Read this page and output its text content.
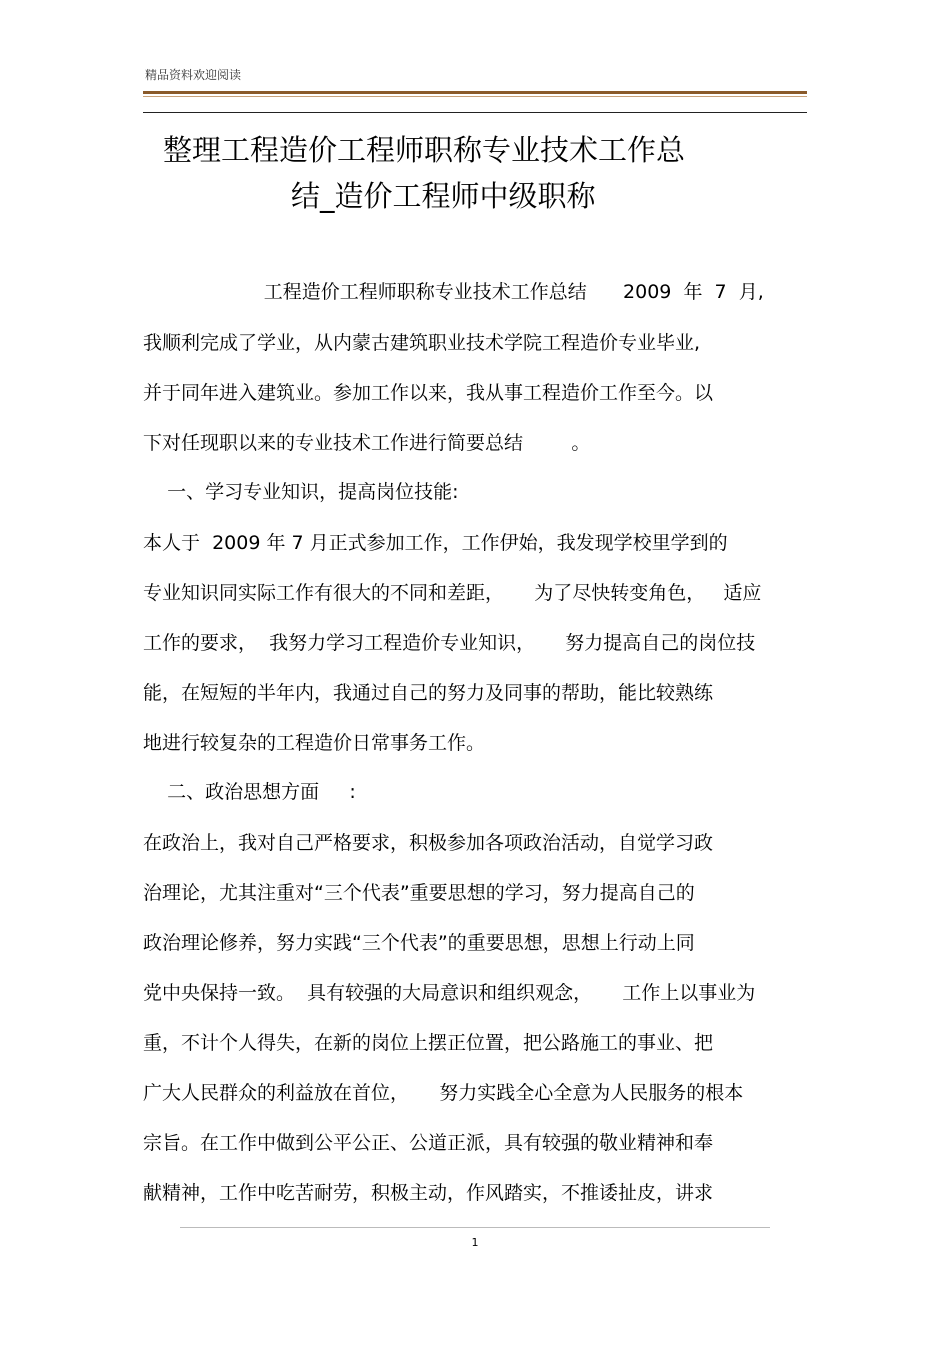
精品资料欢迎阅读
整理工程造价工程师职称专业技术工作总
结_造价工程师中级职称
工程造价工程师职称专业技术工作总结      2009  年  7  月,
我顺利完成了学业，从内蒙古建筑职业技术学院工程造价专业毕业,
并于同年进入建筑业。参加工作以来，我从事工程造价工作至今。以
下对任现职以来的专业技术工作进行简要总结        。
一、学习专业知识，提高岗位技能:
本人于  2009 年 7 月正式参加工作，工作伊始，我发现学校里学到的
专业知识同实际工作有很大的不同和差距，     为了尽快转变角色，   适应
工作的要求，  我努力学习工程造价专业知识，     努力提高自己的岗位技
能，在短短的半年内，我通过自己的努力及同事的帮助，能比较熟练
地进行较复杂的工程造价日常事务工作。
二、政治思想方面     :
在政治上，我对自己严格要求，积极参加各项政治活动，自觉学习政
治理论，尤其注重对“三个代表”重要思想的学习，努力提高自己的
政治理论修养，努力实践“三个代表”的重要思想，思想上行动上同
党中央保持一致。  具有较强的大局意识和组织观念，     工作上以事业为
重，不计个人得失，在新的岗位上摆正位置，把公路施工的事业、把
广大人民群众的利益放在首位，     努力实践全心全意为人民服务的根本
宗旨。在工作中做到公平公正、公道正派，具有较强的敬业精神和奉
献精神，工作中吃苦耐劳，积极主动，作风踏实，不推诿扯皮，讲求
1
